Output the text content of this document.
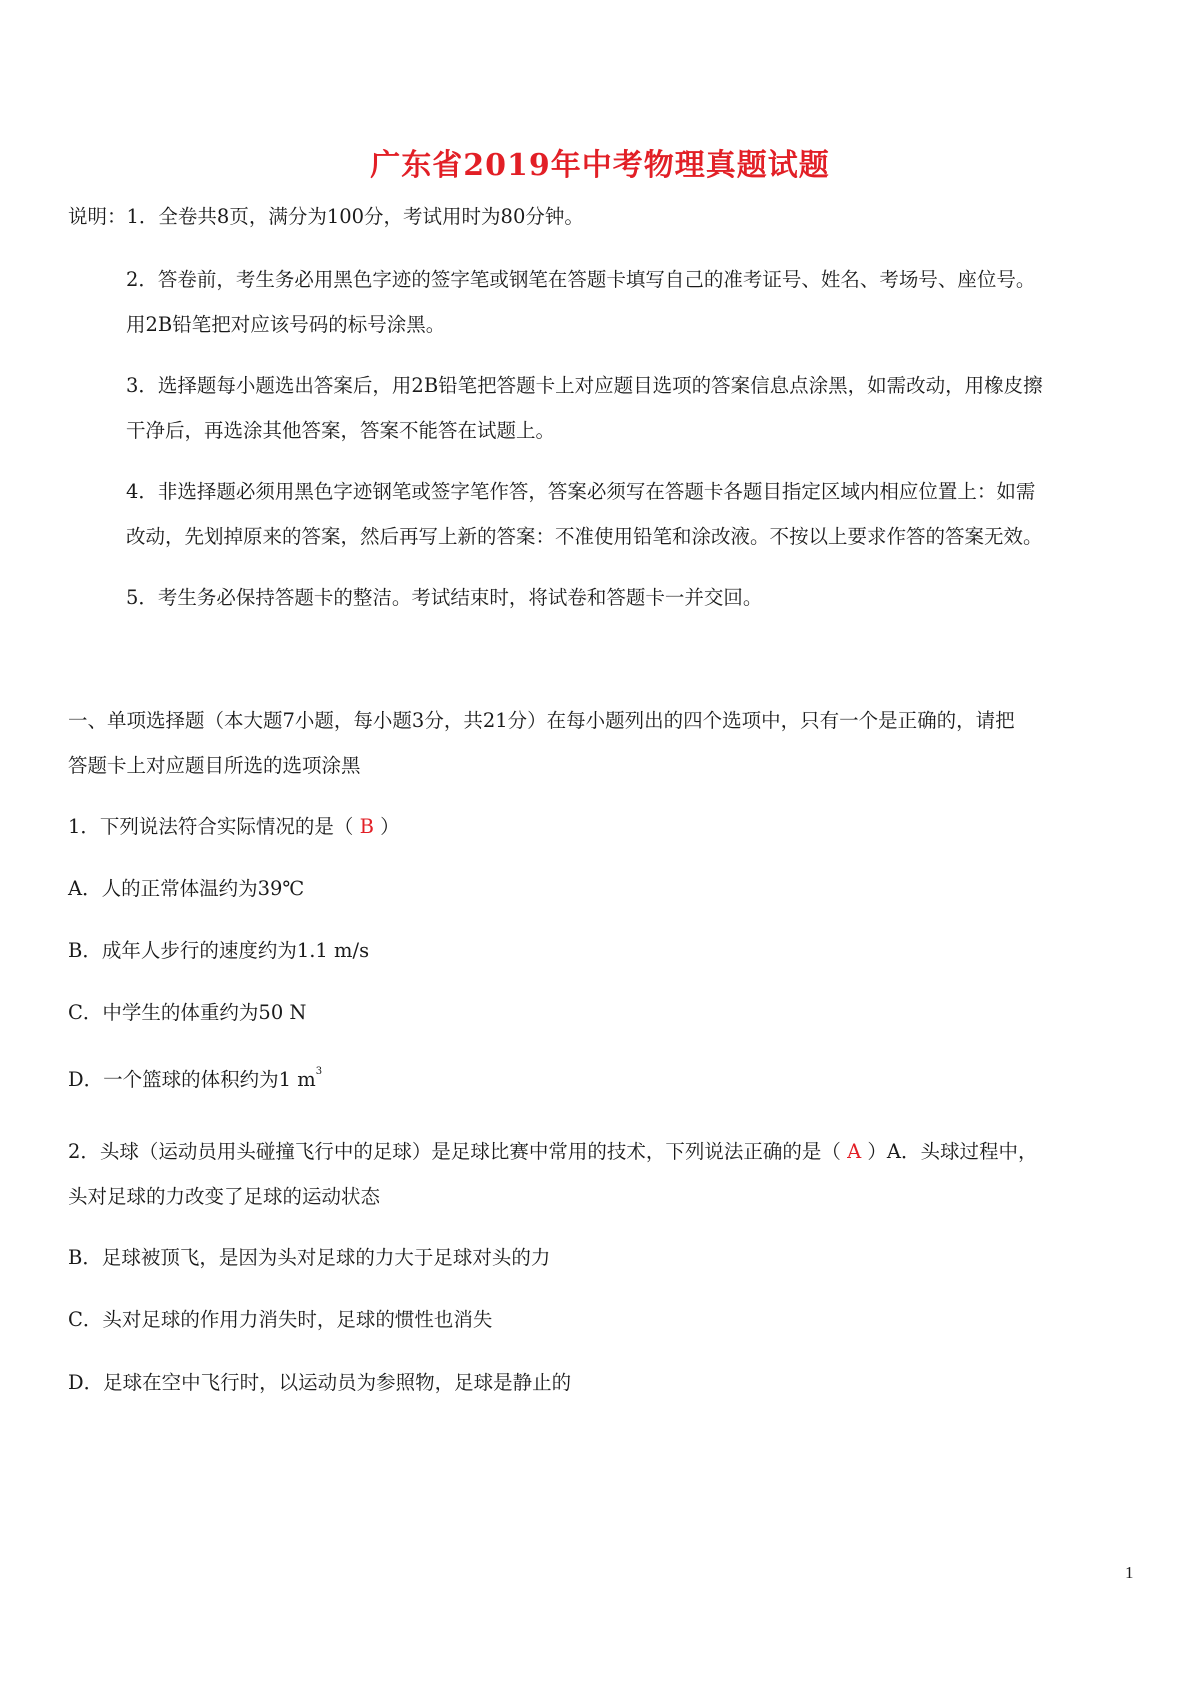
广东省2019年中考物理真题试题
说明：1．全卷共8页，满分为100分，考试用时为80分钟。
2．答卷前，考生务必用黑色字迹的签字笔或钢笔在答题卡填写自己的准考证号、姓名、考场号、座位号。
用2B铅笔把对应该号码的标号涂黑。
3．选择题每小题选出答案后，用2B铅笔把答题卡上对应题目选项的答案信息点涂黑，如需改动，用橡皮擦
干净后，再选涂其他答案，答案不能答在试题上。
4．非选择题必须用黑色字迹钢笔或签字笔作答，答案必须写在答题卡各题目指定区域内相应位置上：如需
改动，先划掉原来的答案，然后再写上新的答案：不准使用铅笔和涂改液。不按以上要求作答的答案无效。
5．考生务必保持答题卡的整洁。考试结束时，将试卷和答题卡一并交回。
一、单项选择题（本大题7小题，每小题3分，共21分）在每小题列出的四个选项中，只有一个是正确的，请把
答题卡上对应题目所选的选项涂黑
1．下列说法符合实际情况的是（ B ）
A．人的正常体温约为39℃
B．成年人步行的速度约为1.1 m/s
C．中学生的体重约为50 N
D．一个篮球的体积约为1 $m^3$
2．头球（运动员用头碰撞飞行中的足球）是足球比赛中常用的技术，下列说法正确的是（ A ）A．头球过程中，
头对足球的力改变了足球的运动状态
B．足球被顶飞，是因为头对足球的力大于足球对头的力
C．头对足球的作用力消失时，足球的惯性也消失
D．足球在空中飞行时，以运动员为参照物，足球是静止的
1
